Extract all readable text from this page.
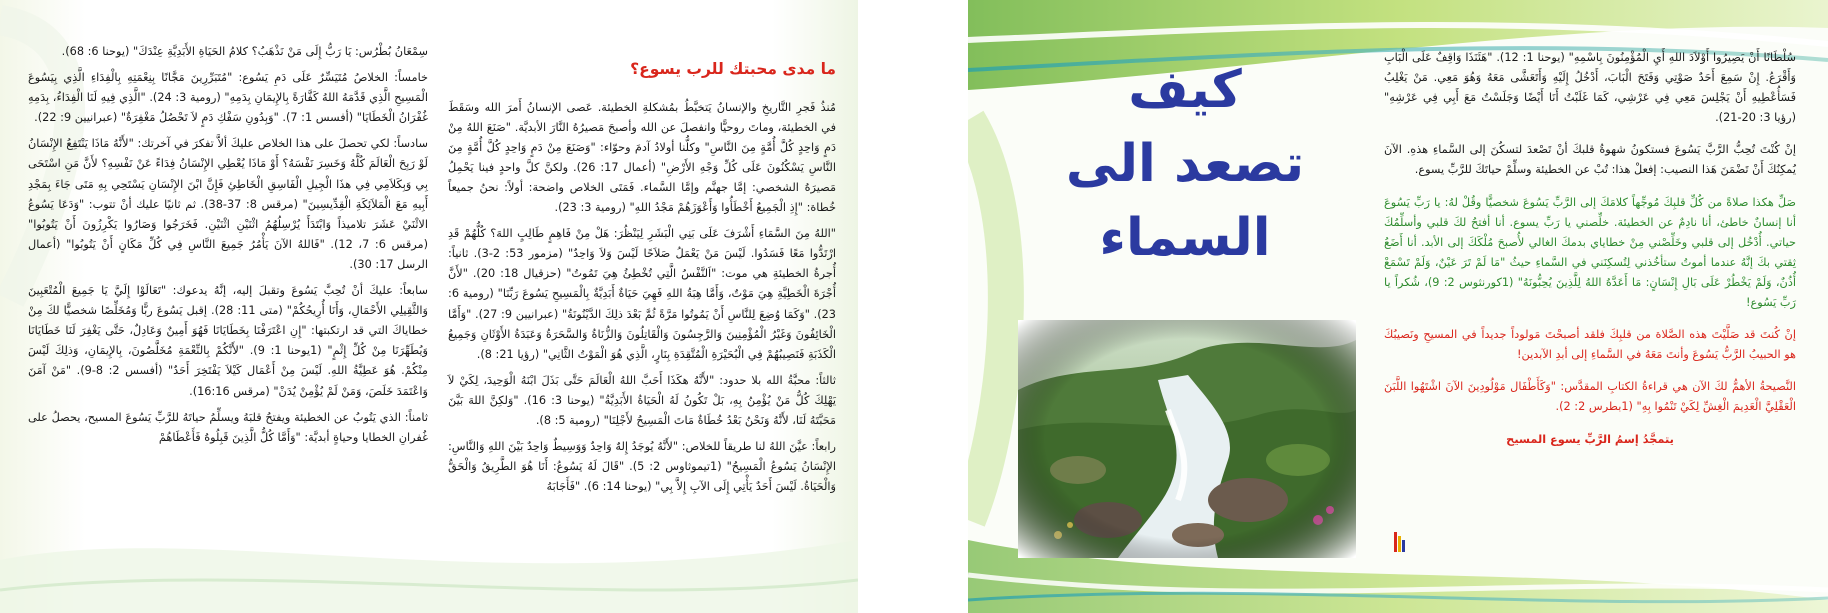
سِمْعَانُ بُطْرُس: يَا رَبُّ إِلَى مَنْ نَذْهَبُ؟ كلامُ الحَيَاةِ الأَبَدِيَّةِ عِنْدَكَ" (يوحنا 6: 68).

خامساً: الخلاصُ مُتَيَسِّرٌ عَلَى دَمِ يَسُوع: "مُتَبَرِّرِينَ مَجَّانًا بِنِعْمَتِهِ بِالْفِدَاءِ الَّذِي بِيَسُوعَ الْمَسِيحِ الَّذِي قَدَّمَهُ اللهُ كَفَّارَةً بِالإِيمَانِ بِدَمِهِ" (رومية 3: 24). "الَّذِي فِيهِ لَنَا الْفِدَاءُ، بِدَمِهِ غُفْرَانُ الْخَطَايَا" (أفسس 1: 7). "وَبِدُونِ سَفْكِ دَمٍ لاَ تَحْصُلُ مَغْفِرَةٌ" (عبرانيين 9: 22).

سادساً: لكي تحصلَ على هذا الخلاص عليكَ ألاَّ تفكرَ في آخرتك: "لأَنَّهُ مَاذَا يَنْتَفِعُ الإِنْسَانُ لَوْ رَبِحَ الْعَالَمَ كُلَّهُ وَخَسِرَ نَفْسَهُ؟ أَوْ مَاذَا يُعْطِي الإِنْسَانُ فِدَاءً عَنْ نَفْسِهِ؟ لأَنَّ مَنِ اسْتَحَى بِي وَبِكَلاَمِي فِي هذَا الْجِيلِ الْفَاسِقِ الْخَاطِئِ فَإِنَّ ابْنَ الإِنْسَانِ يَسْتَحِي بِهِ مَتَى جَاءَ بِمَجْدِ أَبِيهِ مَعَ الْمَلاَئِكَةِ الْقِدِّيسِينَ" (مرقس 8: 37-38). ثم ثانيًا عليك أنْ تتوب: "وَدَعَا يَسُوعُ الاثْنَيْ عَشَرَ تلاميذاً وَابْتَدَأَ يُرْسِلُهُمُ اثْنَيْنِ اثْنَيْنِ. فَخَرَجُوا وَصَارُوا يَكْرِزُونَ أَنْ يَتُوبُوا" (مرقس 6: 7، 12). "فَاللهُ الآنَ يَأْمُرُ جَمِيعَ النَّاسِ فِي كُلِّ مَكَانٍ أَنْ يَتُوبُوا" (أعمال الرسل 17: 30).

سابعاً: عليكَ أنْ تُحِبَّ يَسُوعَ وتقبلَ إليه، إنَّهُ يدعوك: "تَعَالَوْا إِلَيَّ يَا جَمِيعَ الْمُتْعَبِينَ وَالثَّقِيلِي الأَحْمَالِ، وَأَنَا أُرِيحُكُمْ" (متى 11: 28). إقبل يَسُوعَ ربًّا وَمُخَلِّصًا شخصيًّا لكَ مِنْ خطاياكَ التي قد ارتكبتها: "إِنِ اعْتَرَفْنَا بِخَطَايَانَا فَهُوَ أَمِينٌ وَعَادِلٌ، حَتَّى يَغْفِرَ لَنَا خَطَايَانَا وَيُطَهِّرَنَا مِنْ كُلِّ إِثْمٍ" (1يوحنا 1: 9). "لأَنَّكُمْ بِالنِّعْمَةِ مُخَلَّصُونَ، بِالإِيمَانِ، وَذلِكَ لَيْسَ مِنْكُمْ. هُوَ عَطِيَّةُ اللهِ. لَيْسَ مِنْ أَعْمَال كَيْلاَ يَفْتَخِرَ أَحَدٌ" (أفسس 2: 8-9). "مَنْ آمَنَ وَاعْتَمَدَ خَلَصَ، وَمَنْ لَمْ يُؤْمِنْ يُدَنْ" (مرقس 16:16).

ثامناً: الذي يَتُوبُ عن الخطيئة ويفتحُ قلبَهُ ويسلِّمُ حياتَهُ للرَّبِّ يَسُوعَ المسيح، يحصلُ على غُفرانِ الخطايا وحياةٍ أبديَّة: "وَأَمَّا كُلُّ الَّذِينَ قَبِلُوهُ فَأَعْطَاهُمْ

ما مدى محبتك للرب يسوع؟

مُنذُ فَجرِ التَّاريخِ والإنسانُ يَتخبَّطُ بمُشكلةِ الخطيئة. عَصى الإنسانُ أَمرَ الله وسَقَطَ في الخطيئة، وماتَ روحيًّا وانفصلَ عن الله وأصبحَ مَصيرُهُ النَّارَ الأبديَّة. "صَنَعَ اللهُ مِنْ دَمٍ وَاحِدٍ كُلَّ أُمَّةٍ مِنَ النَّاسِ" وكلُّنا أولادُ آدمَ وحوّاء: "وَصَنَعَ مِنْ دَمٍ وَاحِدٍ كُلَّ أُمَّةٍ مِنَ النَّاسِ يَسْكُنُونَ عَلَى كُلِّ وَجْهِ الأَرْضِ" (أعمال 17: 26). ولكنَّ كلَّ واحدٍ فينا يَحْمِلُ مَصيرَهُ الشخصي: إمَّا جهنَّم وإمَّا السَّماء. فَمَتَى الخلاص واضحة: أولاً: نحنُ جميعاً خُطاة: "إِذِ الْجَمِيعُ أَخْطَأُوا وَأَعْوَزَهُمْ مَجْدُ اللهِ" (رومية 3: 23).

"اللهُ مِنَ السَّمَاءِ أَشْرَفَ عَلَى بَنِي الْبَشَرِ لِيَنْظُرَ: هَلْ مِنْ فَاهِمٍ طَالِبٍ اللهَ؟ كُلُّهُمْ قَدِ ارْتَدُّوا مَعًا فَسَدُوا. لَيْسَ مَنْ يَعْمَلُ صَلاَحًا لَيْسَ وَلاَ وَاحِدٌ" (مزمور 53: 2-3). ثانياً: أُجرةُ الخطيئةِ هي موت: "اَلنَّفْسُ الَّتِي تُخْطِئُ هِيَ تَمُوتُ" (حزقيال 18: 20). "لأَنَّ أُجْرَةَ الْخَطِيَّةِ هِيَ مَوْتٌ، وَأَمَّا هِبَةُ اللهِ فَهِيَ حَيَاةٌ أَبَدِيَّةٌ بِالْمَسِيحِ يَسُوعَ رَبِّنَا" (رومية 6: 23). "وَكَمَا وُضِعَ لِلنَّاسِ أَنْ يَمُوتُوا مَرَّةً ثُمَّ بَعْدَ ذلِكَ الدَّيْنُونَةُ" (عبرانيين 9: 27). "وَأَمَّا الْخَائِفُونَ وَغَيْرُ الْمُؤْمِنِينَ وَالرَّجِسُونَ وَالْقَاتِلُونَ وَالزُّنَاةُ وَالسَّحَرَةُ وَعَبَدَةُ الأَوْثَانِ وَجَمِيعُ الْكَذَبَةِ فَنَصِيبُهُمْ فِي الْبُحَيْرَةِ الْمُتَّقِدَةِ بِنَارٍ، الَّذِي هُوَ الْمَوْتُ الثَّانِي" (رؤيا 21: 8).

ثالثاً: محبَّةُ الله بلا حدود: "لأَنَّهُ هكَذَا أَحَبَّ اللهُ الْعَالَمَ حَتَّى بَذَلَ ابْنَهُ الْوَحِيدَ، لِكَيْ لاَ يَهْلِكَ كُلُّ مَنْ يُؤْمِنُ بِهِ، بَلْ تَكُونُ لَهُ الْحَيَاةُ الأَبَدِيَّةُ" (يوحنا 3: 16). "وَلكِنَّ اللهَ بَيَّنَ مَحَبَّتَهُ لَنَا، لأَنَّهُ وَنَحْنُ بَعْدُ خُطَاةٌ مَاتَ الْمَسِيحُ لأَجْلِنَا" (رومية 5: 8).

رابعاً: عيَّنَ اللهُ لنا طريقاً للخلاص: "لأَنَّهُ يُوجَدُ إِلهٌ وَاحِدٌ وَوَسِيطٌ وَاحِدٌ بَيْنَ اللهِ وَالنَّاسِ: الإِنْسَانُ يَسُوعُ الْمَسِيحُ" (1تيموثاوس 2: 5). "قَالَ لَهُ يَسُوعُ: أَنَا هُوَ الطَّرِيقُ وَالْحَقُّ وَالْحَيَاةُ. لَيْسَ أَحَدٌ يَأْتِي إِلَى الآبِ إِلاَّ بِي" (يوحنا 14: 6). "فَأَجَابَهُ

كيف
تصعد الى
السماء

سُلْطَانًا أَنْ يَصِيرُوا أَوْلاَدَ اللهِ أَيِ الْمُؤْمِنُونَ بِاسْمِهِ" (يوحنا 1: 12). "هَئَنَذَا وَاقِفٌ عَلَى الْبَابِ وَأَقْرَعُ. إِنْ سَمِعَ أَحَدٌ صَوْتِي وَفَتَحَ الْبَابَ، أَدْخُلُ إِلَيْهِ وَأَتَعَشَّى مَعَهُ وَهُوَ مَعِي. مَنْ يَغْلِبُ فَسَأُعْطِيهِ أَنْ يَجْلِسَ مَعِي فِي عَرْشِي، كَمَا غَلَبْتُ أَنَا أَيْضًا وَجَلَسْتُ مَعَ أَبِي فِي عَرْشِهِ" (رؤيا 3: 20-21).

إنْ كُنْتَ تُحِبُّ الرَّبَّ يَسُوعَ فستكونُ شهوةُ قلبكَ أنْ تَصْعدَ لتسكُنَ إلى السَّماءِ هذهِ. الآنَ يُمكِنُكَ أَنْ تَضْمَنَ هَذا النصيب: إفعلْ هذا: تُبْ عن الخطيئة وسلِّمْ حياتَكَ للرَّبِّ يسوع.

صَلِّ هكذا صلاةً من كُلِّ قلبِكَ مُوجِّهاً كلامَكَ إلى الرَّبِّ يَسُوعَ شخصيًّا وقُلْ لهُ: يا رَبِّ يَسُوعَ أنا إنسانٌ خاطئ، أنا نادِمٌ عن الخطيئة. خلِّصني يا رَبِّ يسوع. أنا أفتحُ لكَ قلبي وأسلِّمُكَ حياتي. أُدْخُل إلى قلبي وخَلِّصْني مِنْ خطاياي بدمكَ الغالي لأُصبحَ مُلْكَكَ إلى الأبد. أنا أَضَعُ ثِقتي بكَ إنَّهُ عندما أموتُ ستأخُذني لِتُسكِنَني في السَّماءِ حيثُ "مَا لَمْ تَرَ عَيْنٌ، وَلَمْ تَسْمَعْ أُذُنٌ، وَلَمْ يَخْطُرْ عَلَى بَالِ إِنْسَانٍ: مَا أَعَدَّهُ اللهُ لِلَّذِينَ يُحِبُّونَهُ" (1كورنثوس 2: 9)، شُكراً يا رَبِّ يَسُوع!

إنْ كُنتَ قد صَلَّيْتَ هذه الصَّلاة من قلبِكَ فلقد أصبحْتَ مَولوداً جديداً في المسيحِ ونَصيبُكَ هو الحبيبُ الرَّبُّ يَسُوعَ وأنتَ مَعَهُ في السَّماءِ إلى أبدِ الآبدين!

النَّصيحةُ الأهمُّ لكَ الآن هي قراءةُ الكتابِ المقدَّس: "وَكَأَطْفَال مَوْلُودِينَ الآنَ اشْتَهُوا اللَّبَنَ الْعَقْلِيَّ الْعَدِيمَ الْغِشِّ لِكَيْ تَنْمُوا بِهِ" (1بطرس 2: 2).

يتمجَّدُ إسمُ الرَّبِّ يسوع المسيح
